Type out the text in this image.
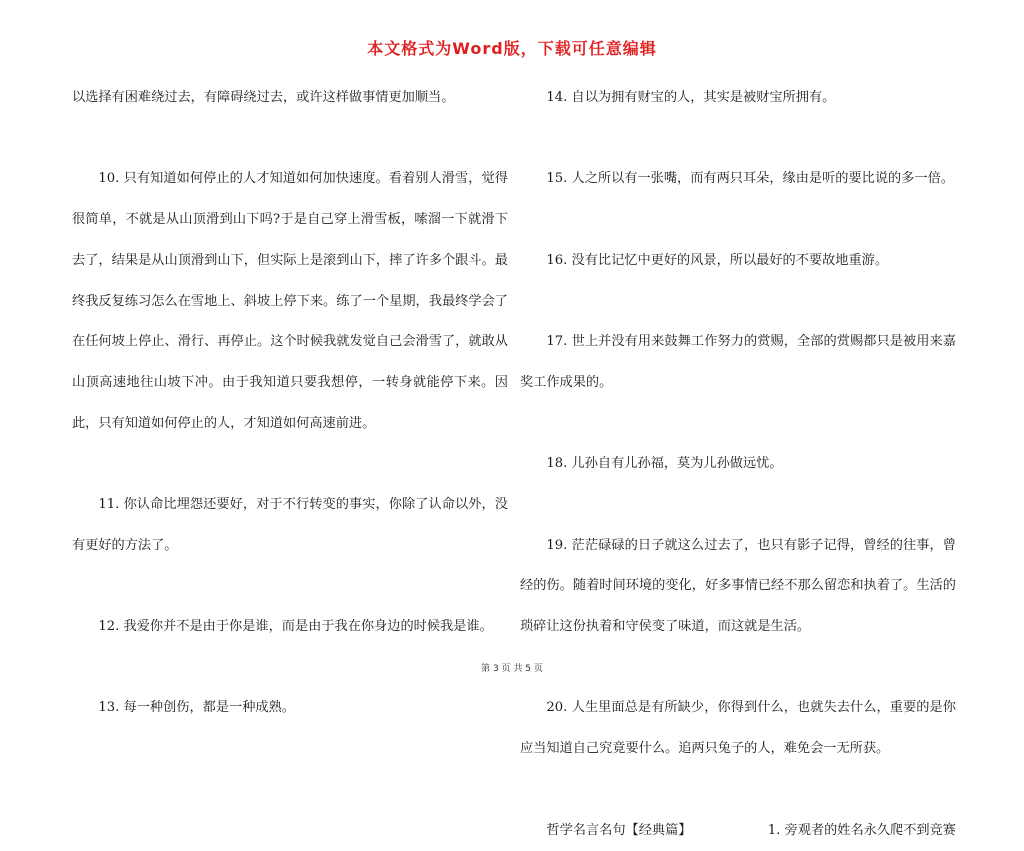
本文格式为Word版，下载可任意编辑

以选择有困难绕过去，有障碍绕过去，或许这样做事情更加顺当。

10. 只有知道如何停止的人才知道如何加快速度。看着别人滑雪，觉得很简单，不就是从山顶滑到山下吗?于是自己穿上滑雪板，嗦溜一下就滑下去了，结果是从山顶滑到山下，但实际上是滚到山下，摔了许多个跟斗。最终我反复练习怎么在雪地上、斜坡上停下来。练了一个星期，我最终学会了在任何坡上停止、滑行、再停止。这个时候我就发觉自己会滑雪了，就敢从山顶高速地往山坡下冲。由于我知道只要我想停，一转身就能停下来。因此，只有知道如何停止的人，才知道如何高速前进。

11. 你认命比埋怨还要好，对于不行转变的事实，你除了认命以外，没有更好的方法了。

12. 我爱你并不是由于你是谁，而是由于我在你身边的时候我是谁。

13. 每一种创伤，都是一种成熟。

14. 自以为拥有财宝的人，其实是被财宝所拥有。

15. 人之所以有一张嘴，而有两只耳朵，缘由是听的要比说的多一倍。

16. 没有比记忆中更好的风景，所以最好的不要故地重游。

17. 世上并没有用来鼓舞工作努力的赏赐，全部的赏赐都只是被用来嘉奖工作成果的。

18. 儿孙自有儿孙福，莫为儿孙做远忧。

19. 茫茫碌碌的日子就这么过去了，也只有影子记得，曾经的往事，曾经的伤。随着时间环境的变化，好多事情已经不那么留恋和执着了。生活的琐碎让这份执着和守侯变了味道，而这就是生活。

20. 人生里面总是有所缺少，你得到什么，也就失去什么，重要的是你应当知道自己究竟要什么。追两只兔子的人，难免会一无所获。

哲学名言名句【经典篇】	1. 旁观者的姓名永久爬不到竞赛
第 3 页 共 5 页
